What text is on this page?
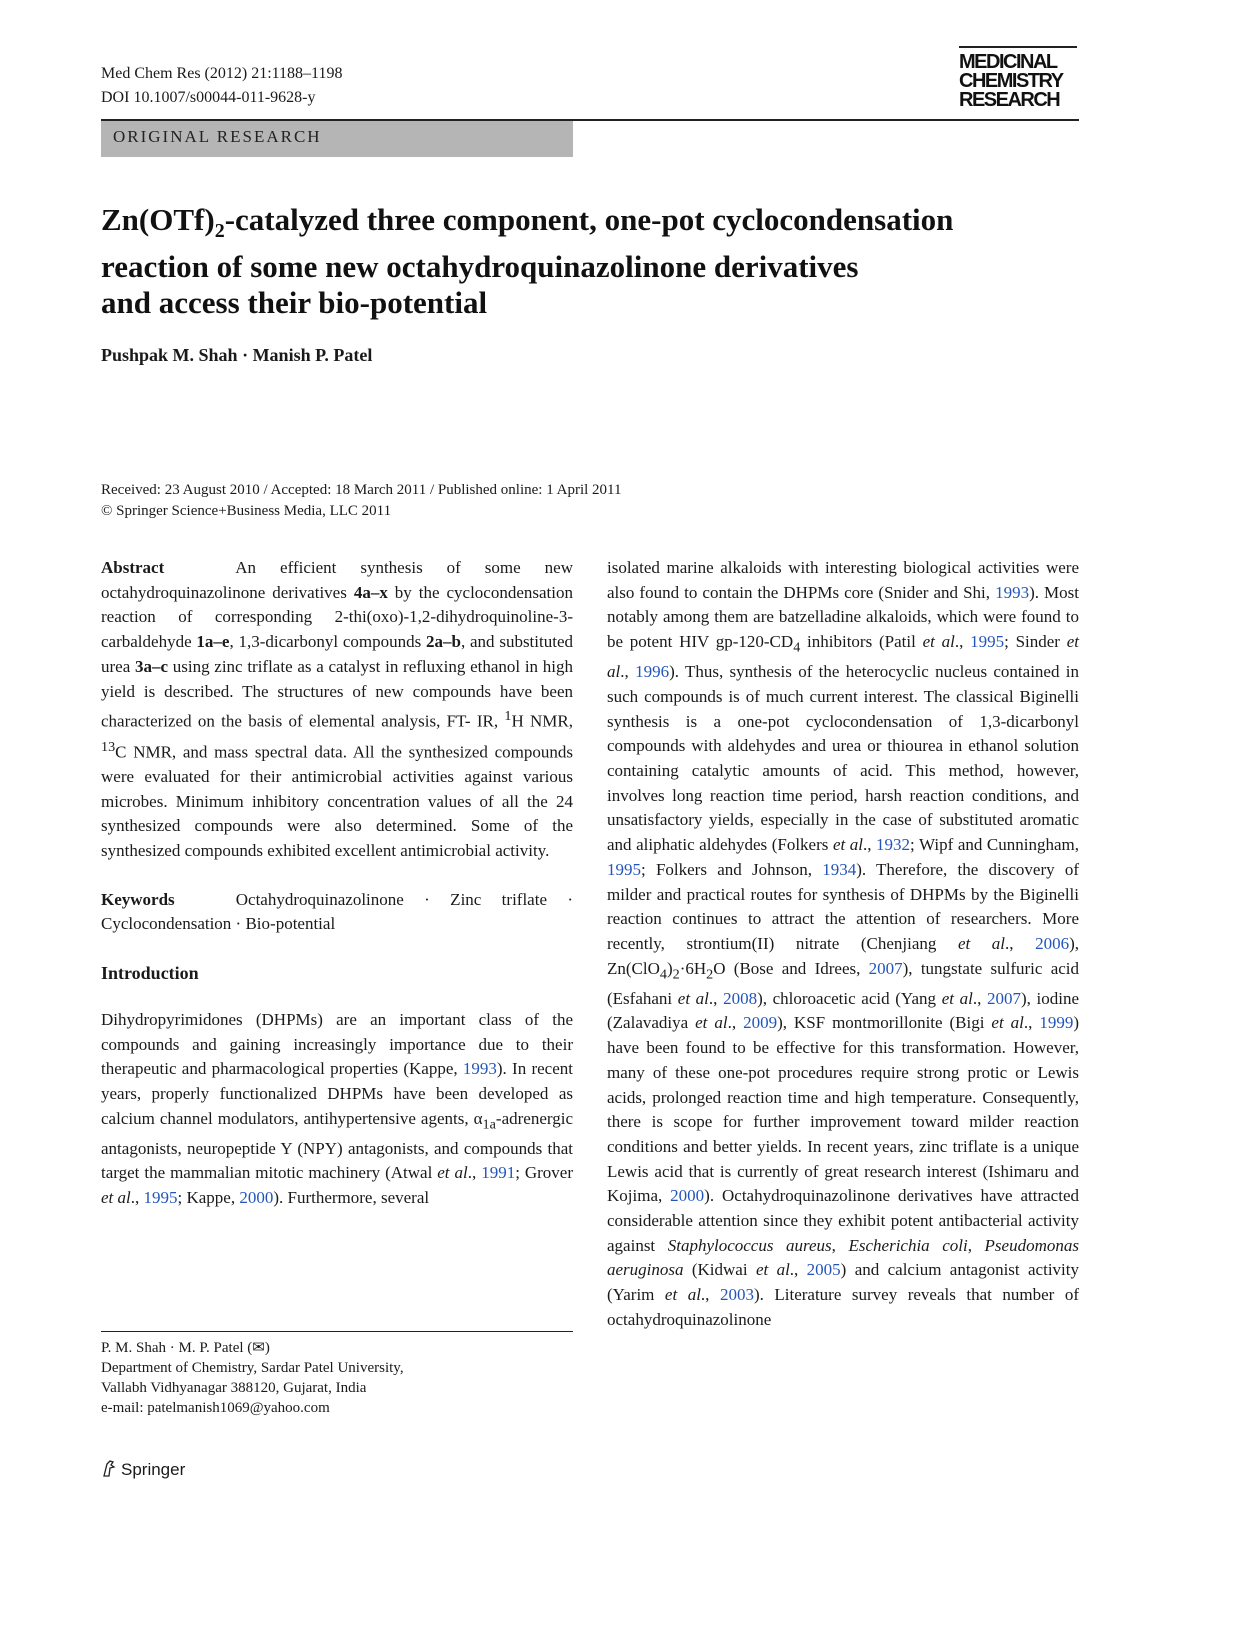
Med Chem Res (2012) 21:1188–1198
DOI 10.1007/s00044-011-9628-y
MEDICINAL
CHEMISTRY
RESEARCH
ORIGINAL RESEARCH
$Zn(OTf)_2$-catalyzed three component, one-pot cyclocondensation
reaction of some new octahydroquinazolinone derivatives
and access their bio-potential
Pushpak M. Shah · Manish P. Patel
Received: 23 August 2010 / Accepted: 18 March 2011 / Published online: 1 April 2011
© Springer Science+Business Media, LLC 2011

Abstract	An efficient synthesis of some new octahydroquinazolinone derivatives 4a–x by the cyclocondensation reaction of corresponding 2-thi(oxo)-1,2-dihydroquinoline-3-carbaldehyde 1a–e, 1,3-dicarbonyl compounds 2a–b, and substituted urea 3a–c using zinc triflate as a catalyst in refluxing ethanol in high yield is described. The structures of new compounds have been characterized on the basis of elemental analysis, FT- IR, $^1$H NMR, $^{13}$C NMR, and mass spectral data. All the synthesized compounds were evaluated for their antimicrobial activities against various microbes. Minimum inhibitory concentration values of all the 24 synthesized compounds were also determined. Some of the synthesized compounds exhibited excellent antimicrobial activity.

Keywords	Octahydroquinazolinone · Zinc triflate · Cyclocondensation · Bio-potential

Introduction

Dihydropyrimidones (DHPMs) are an important class of the compounds and gaining increasingly importance due to their therapeutic and pharmacological properties (Kappe, 1993). In recent years, properly functionalized DHPMs have been developed as calcium channel modulators, antihypertensive agents, $\alpha_{1a}$-adrenergic antagonists, neuropeptide Y (NPY) antagonists, and compounds that target the mammalian mitotic machinery (Atwal et al., 1991; Grover et al., 1995; Kappe, 2000). Furthermore, several

P. M. Shah · M. P. Patel (✉)
Department of Chemistry, Sardar Patel University,
Vallabh Vidhyanagar 388120, Gujarat, India
e-mail: patelmanish1069@yahoo.com
Springer

isolated marine alkaloids with interesting biological activities were also found to contain the DHPMs core (Snider and Shi, 1993). Most notably among them are batzelladine alkaloids, which were found to be potent HIV $gp-120-CD_4$ inhibitors (Patil et al., 1995; Sinder et al., 1996). Thus, synthesis of the heterocyclic nucleus contained in such compounds is of much current interest. The classical Biginelli synthesis is a one-pot cyclocondensation of 1,3-dicarbonyl compounds with aldehydes and urea or thiourea in ethanol solution containing catalytic amounts of acid. This method, however, involves long reaction time period, harsh reaction conditions, and unsatisfactory yields, especially in the case of substituted aromatic and aliphatic aldehydes (Folkers et al., 1932; Wipf and Cunningham, 1995; Folkers and Johnson, 1934). Therefore, the discovery of milder and practical routes for synthesis of DHPMs by the Biginelli reaction continues to attract the attention of researchers. More recently, strontium(II) nitrate (Chenjiang et al., 2006), $Zn(ClO_4)_2\cdot 6H_2O$ (Bose and Idrees, 2007), tungstate sulfuric acid (Esfahani et al., 2008), chloroacetic acid (Yang et al., 2007), iodine (Zalavadiya et al., 2009), KSF montmorillonite (Bigi et al., 1999) have been found to be effective for this transformation. However, many of these one-pot procedures require strong protic or Lewis acids, prolonged reaction time and high temperature. Consequently, there is scope for further improvement toward milder reaction conditions and better yields. In recent years, zinc triflate is a unique Lewis acid that is currently of great research interest (Ishimaru and Kojima, 2000). Octahydroquinazolinone derivatives have attracted considerable attention since they exhibit potent antibacterial activity against Staphylococcus aureus, Escherichia coli, Pseudomonas aeruginosa (Kidwai et al., 2005) and calcium antagonist activity (Yarim et al., 2003). Literature survey reveals that number of octahydroquinazolinone
